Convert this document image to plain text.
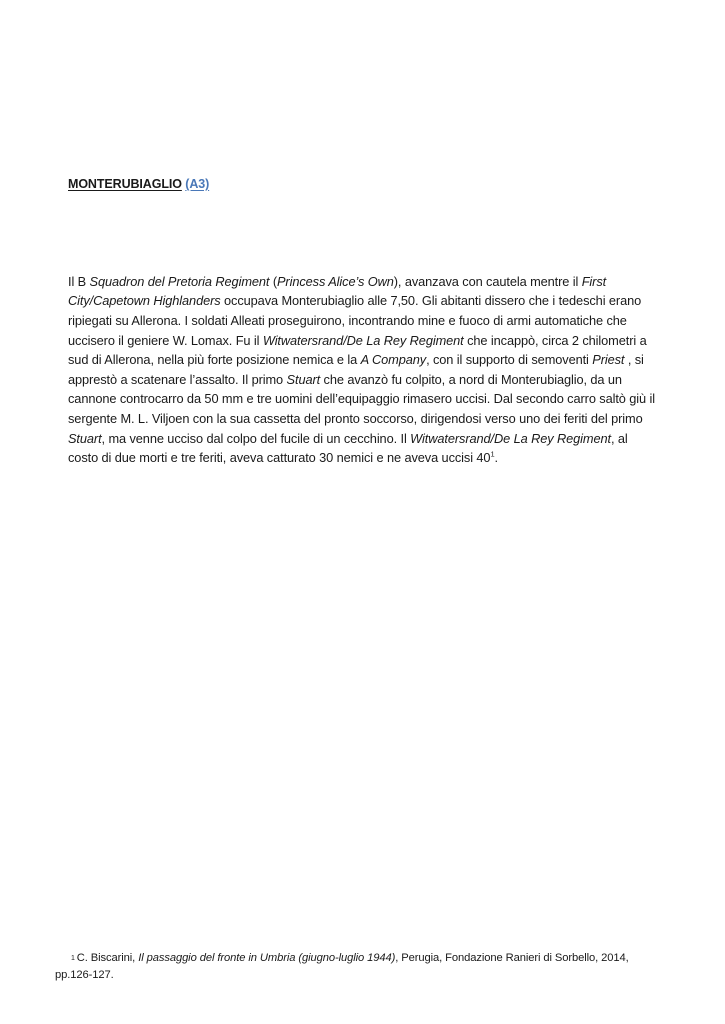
MONTERUBIAGLIO (A3)

Il B Squadron del Pretoria Regiment (Princess Alice’s Own), avanzava con cautela mentre il First City/Capetown Highlanders occupava Monterubiaglio alle 7,50. Gli abitanti dissero che i tedeschi erano ripiegati su Allerona. I soldati Alleati proseguirono, incontrando mine e fuoco di armi automatiche che uccisero il geniere W. Lomax. Fu il Witwatersrand/De La Rey Regiment che incappò, circa 2 chilometri a sud di Allerona, nella più forte posizione nemica e la A Company, con il supporto di semoventi Priest , si apprestò a scatenare l’assalto. Il primo Stuart che avanzò fu colpito, a nord di Monterubiaglio, da un cannone controcarro da 50 mm e tre uomini dell’equipaggio rimasero uccisi. Dal secondo carro saltò giù il sergente M. L. Viljoen con la sua cassetta del pronto soccorso, dirigendosi verso uno dei feriti del primo Stuart, ma venne ucciso dal colpo del fucile di un cecchino. Il Witwatersrand/De La Rey Regiment, al costo di due morti e tre feriti, aveva catturato 30 nemici e ne aveva uccisi $40^1$.

1 C. Biscarini, Il passaggio del fronte in Umbria (giugno-luglio 1944), Perugia, Fondazione Ranieri di Sorbello, 2014, pp.126-127.
